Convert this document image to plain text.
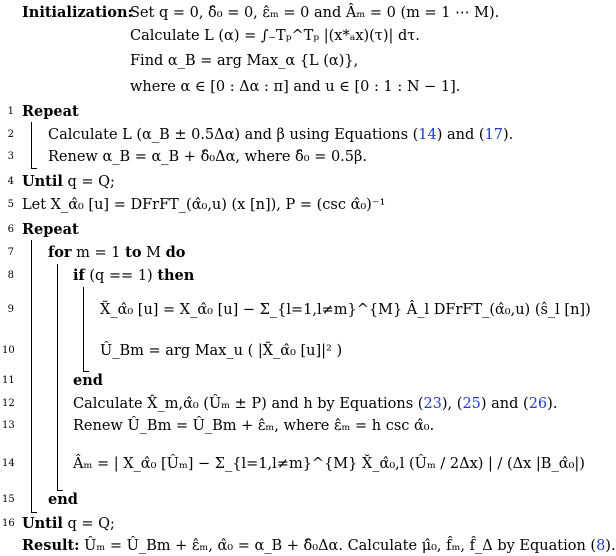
Initialization:
Set q = 0, δ̂₀ = 0, ε̂ₘ = 0 and Âₘ = 0 (m = 1 ⋯ M).
Calculate L (α) = ∫₋Tₚ^Tₚ |(x*ₐx)(τ)| dτ.
Find α_B = arg Max_α {L (α)},
where α ∈ [0 : Δα : π] and u ∈ [0 : 1 : N − 1].
1 Repeat
2 Calculate L (α_B ± 0.5Δα) and β using Equations (14) and (17).
3 Renew α_B = α_B + δ̂₀Δα, where δ̂₀ = 0.5β.
4 Until q = Q;
5 Let X_α̂₀ [u] = DFrFT_(α̂₀,u) (x [n]), P = (csc α̂₀)⁻¹
6 Repeat
7 for m = 1 to M do
8	if (q == 1) then
9	X̃_α̂₀ [u] = X_α̂₀ [u] − Σ_{l=1,l≠m}^{M} Â_l DFrFT_(α̂₀,u) (ŝ_l [n])
10	Û_Bm = arg Max_u ( |X̃_α̂₀ [u]|² )
11	end
12	Calculate X̂_m,α̂₀ (Ûₘ ± P) and h by Equations (23), (25) and (26).
13	Renew Û_Bm = Û_Bm + ε̂ₘ, where ε̂ₘ = h csc α̂₀.
14	Âₘ = | X_α̂₀ [Ûₘ] − Σ_{l=1,l≠m}^{M} X̆_α̂₀,l (Ûₘ / 2Δx) | / (Δx |B_α̂₀|)
15 end
16 Until q = Q;
Result: Ûₘ = Û_Bm + ε̂ₘ, α̂₀ = α_B + δ̂₀Δα. Calculate μ̂₀, f̂ₘ, f̂_Δ by Equation (8).
